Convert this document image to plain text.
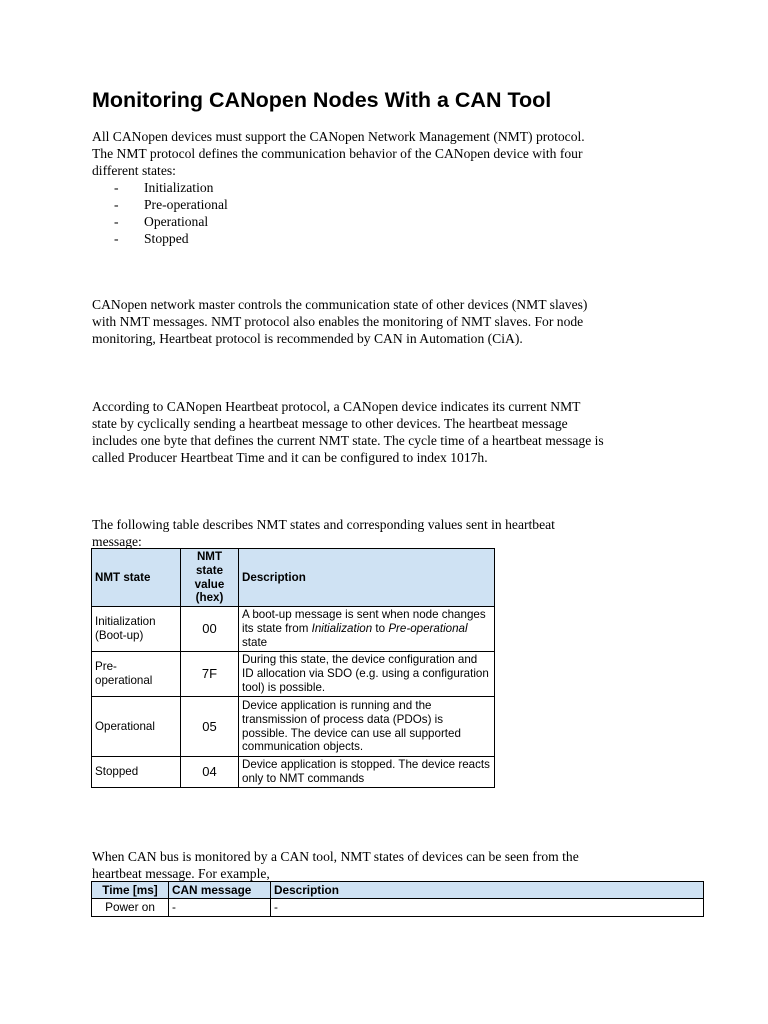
Monitoring CANopen Nodes With a CAN Tool

All CANopen devices must support the CANopen Network Management (NMT) protocol.
The NMT protocol defines the communication behavior of the CANopen device with four
different states:

- Initialization
- Pre-operational
- Operational
- Stopped

CANopen network master controls the communication state of other devices (NMT slaves)
with NMT messages. NMT protocol also enables the monitoring of NMT slaves. For node
monitoring, Heartbeat protocol is recommended by CAN in Automation (CiA).

According to CANopen Heartbeat protocol, a CANopen device indicates its current NMT
state by cyclically sending a heartbeat message to other devices. The heartbeat message
includes one byte that defines the current NMT state. The cycle time of a heartbeat message is
called Producer Heartbeat Time and it can be configured to index 1017h.

The following table describes NMT states and corresponding values sent in heartbeat
message:

NMT state	NMT
state
value
(hex)	Description

Initialization
(Boot-up)	00	A boot-up message is sent when node changes its state from Initialization to Pre-operational state

Pre-
operational	7F	During this state, the device configuration and ID allocation via SDO (e.g. using a configuration tool) is possible.
Operational	05	Device application is running and the transmission of process data (PDOs) is possible. The device can use all supported communication objects.
Stopped	04	Device application is stopped. The device reacts only to NMT commands

When CAN bus is monitored by a CAN tool, NMT states of devices can be seen from the
heartbeat message. For example,

Time [ms]	CAN message	Description
Power on	-	-
